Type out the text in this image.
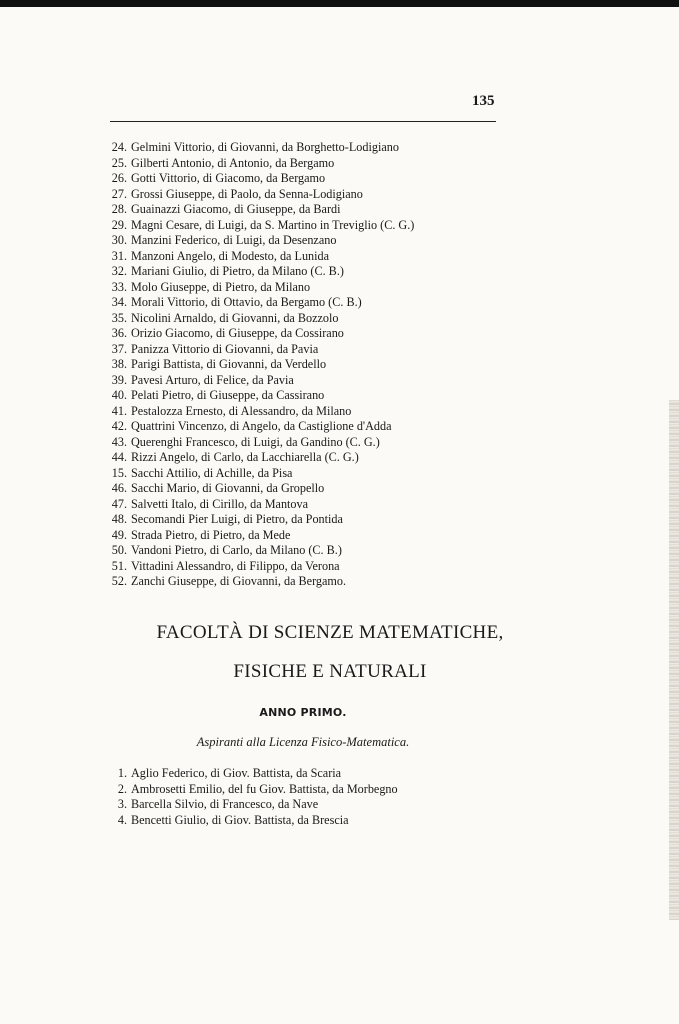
135
24. Gelmini Vittorio, di Giovanni, da Borghetto-Lodigiano
25. Gilberti Antonio, di Antonio, da Bergamo
26. Gotti Vittorio, di Giacomo, da Bergamo
27. Grossi Giuseppe, di Paolo, da Senna-Lodigiano
28. Guainazzi Giacomo, di Giuseppe, da Bardi
29. Magni Cesare, di Luigi, da S. Martino in Treviglio (C. G.)
30. Manzini Federico, di Luigi, da Desenzano
31. Manzoni Angelo, di Modesto, da Lunida
32. Mariani Giulio, di Pietro, da Milano (C. B.)
33. Molo Giuseppe, di Pietro, da Milano
34. Morali Vittorio, di Ottavio, da Bergamo (C. B.)
35. Nicolini Arnaldo, di Giovanni, da Bozzolo
36. Orizio Giacomo, di Giuseppe, da Cossirano
37. Panizza Vittorio di Giovanni, da Pavia
38. Parigi Battista, di Giovanni, da Verdello
39. Pavesi Arturo, di Felice, da Pavia
40. Pelati Pietro, di Giuseppe, da Cassirano
41. Pestalozza Ernesto, di Alessandro, da Milano
42. Quattrini Vincenzo, di Angelo, da Castiglione d'Adda
43. Querenghi Francesco, di Luigi, da Gandino (C. G.)
44. Rizzi Angelo, di Carlo, da Lacchiarella (C. G.)
15. Sacchi Attilio, di Achille, da Pisa
46. Sacchi Mario, di Giovanni, da Gropello
47. Salvetti Italo, di Cirillo, da Mantova
48. Secomandi Pier Luigi, di Pietro, da Pontida
49. Strada Pietro, di Pietro, da Mede
50. Vandoni Pietro, di Carlo, da Milano (C. B.)
51. Vittadini Alessandro, di Filippo, da Verona
52. Zanchi Giuseppe, di Giovanni, da Bergamo.
FACOLTÀ DI SCIENZE MATEMATICHE,
FISICHE E NATURALI
ANNO PRIMO.
Aspiranti alla Licenza Fisico-Matematica.
1. Aglio Federico, di Giov. Battista, da Scaria
2. Ambrosetti Emilio, del fu Giov. Battista, da Morbegno
3. Barcella Silvio, di Francesco, da Nave
4. Bencetti Giulio, di Giov. Battista, da Brescia
